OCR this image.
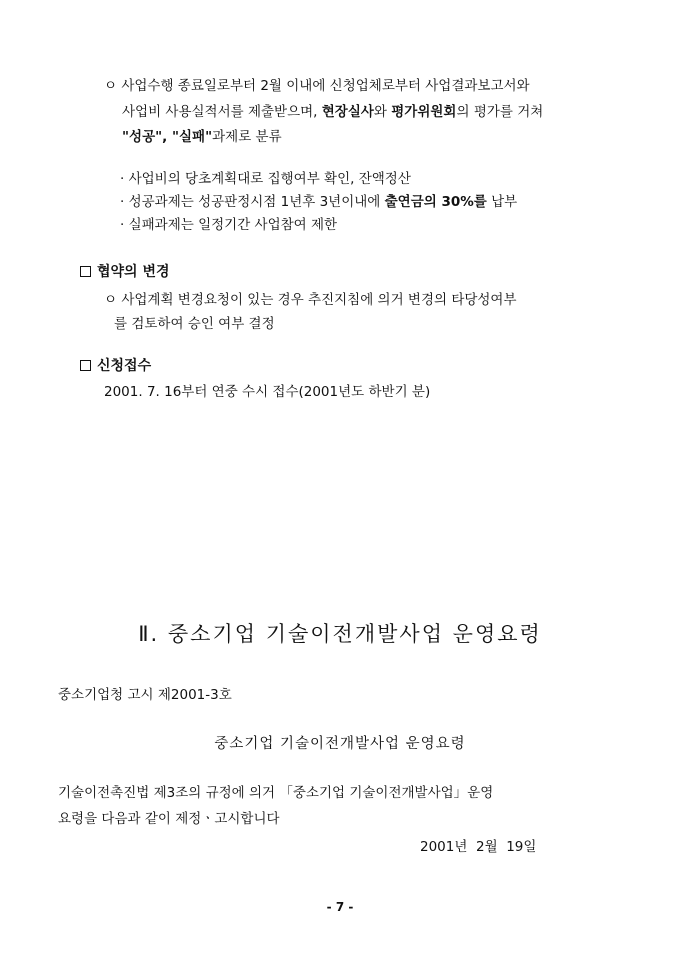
ㅇ 사업수행 종료일로부터 2월 이내에 신청업체로부터 사업결과보고서와
사업비 사용실적서를 제출받으며, 현장실사와 평가위원회의 평가를 거쳐
"성공", "실패"과제로 분류
· 사업비의 당초계획대로 집행여부 확인, 잔액정산
· 성공과제는 성공판정시점 1년후 3년이내에 출연금의 30%를 납부
· 실패과제는 일정기간 사업참여 제한
협약의 변경
ㅇ 사업계획 변경요청이 있는 경우 추진지침에 의거 변경의 타당성여부
를 검토하여 승인 여부 결정
신청접수
2001. 7. 16부터 연중 수시 접수(2001년도 하반기 분)
Ⅱ. 중소기업 기술이전개발사업 운영요령
중소기업청 고시 제2001-3호
중소기업 기술이전개발사업 운영요령
기술이전촉진법 제3조의 규정에 의거 「중소기업 기술이전개발사업」운영
요령을 다음과 같이 제정ㆍ고시합니다
2001년  2월  19일
- 7 -
